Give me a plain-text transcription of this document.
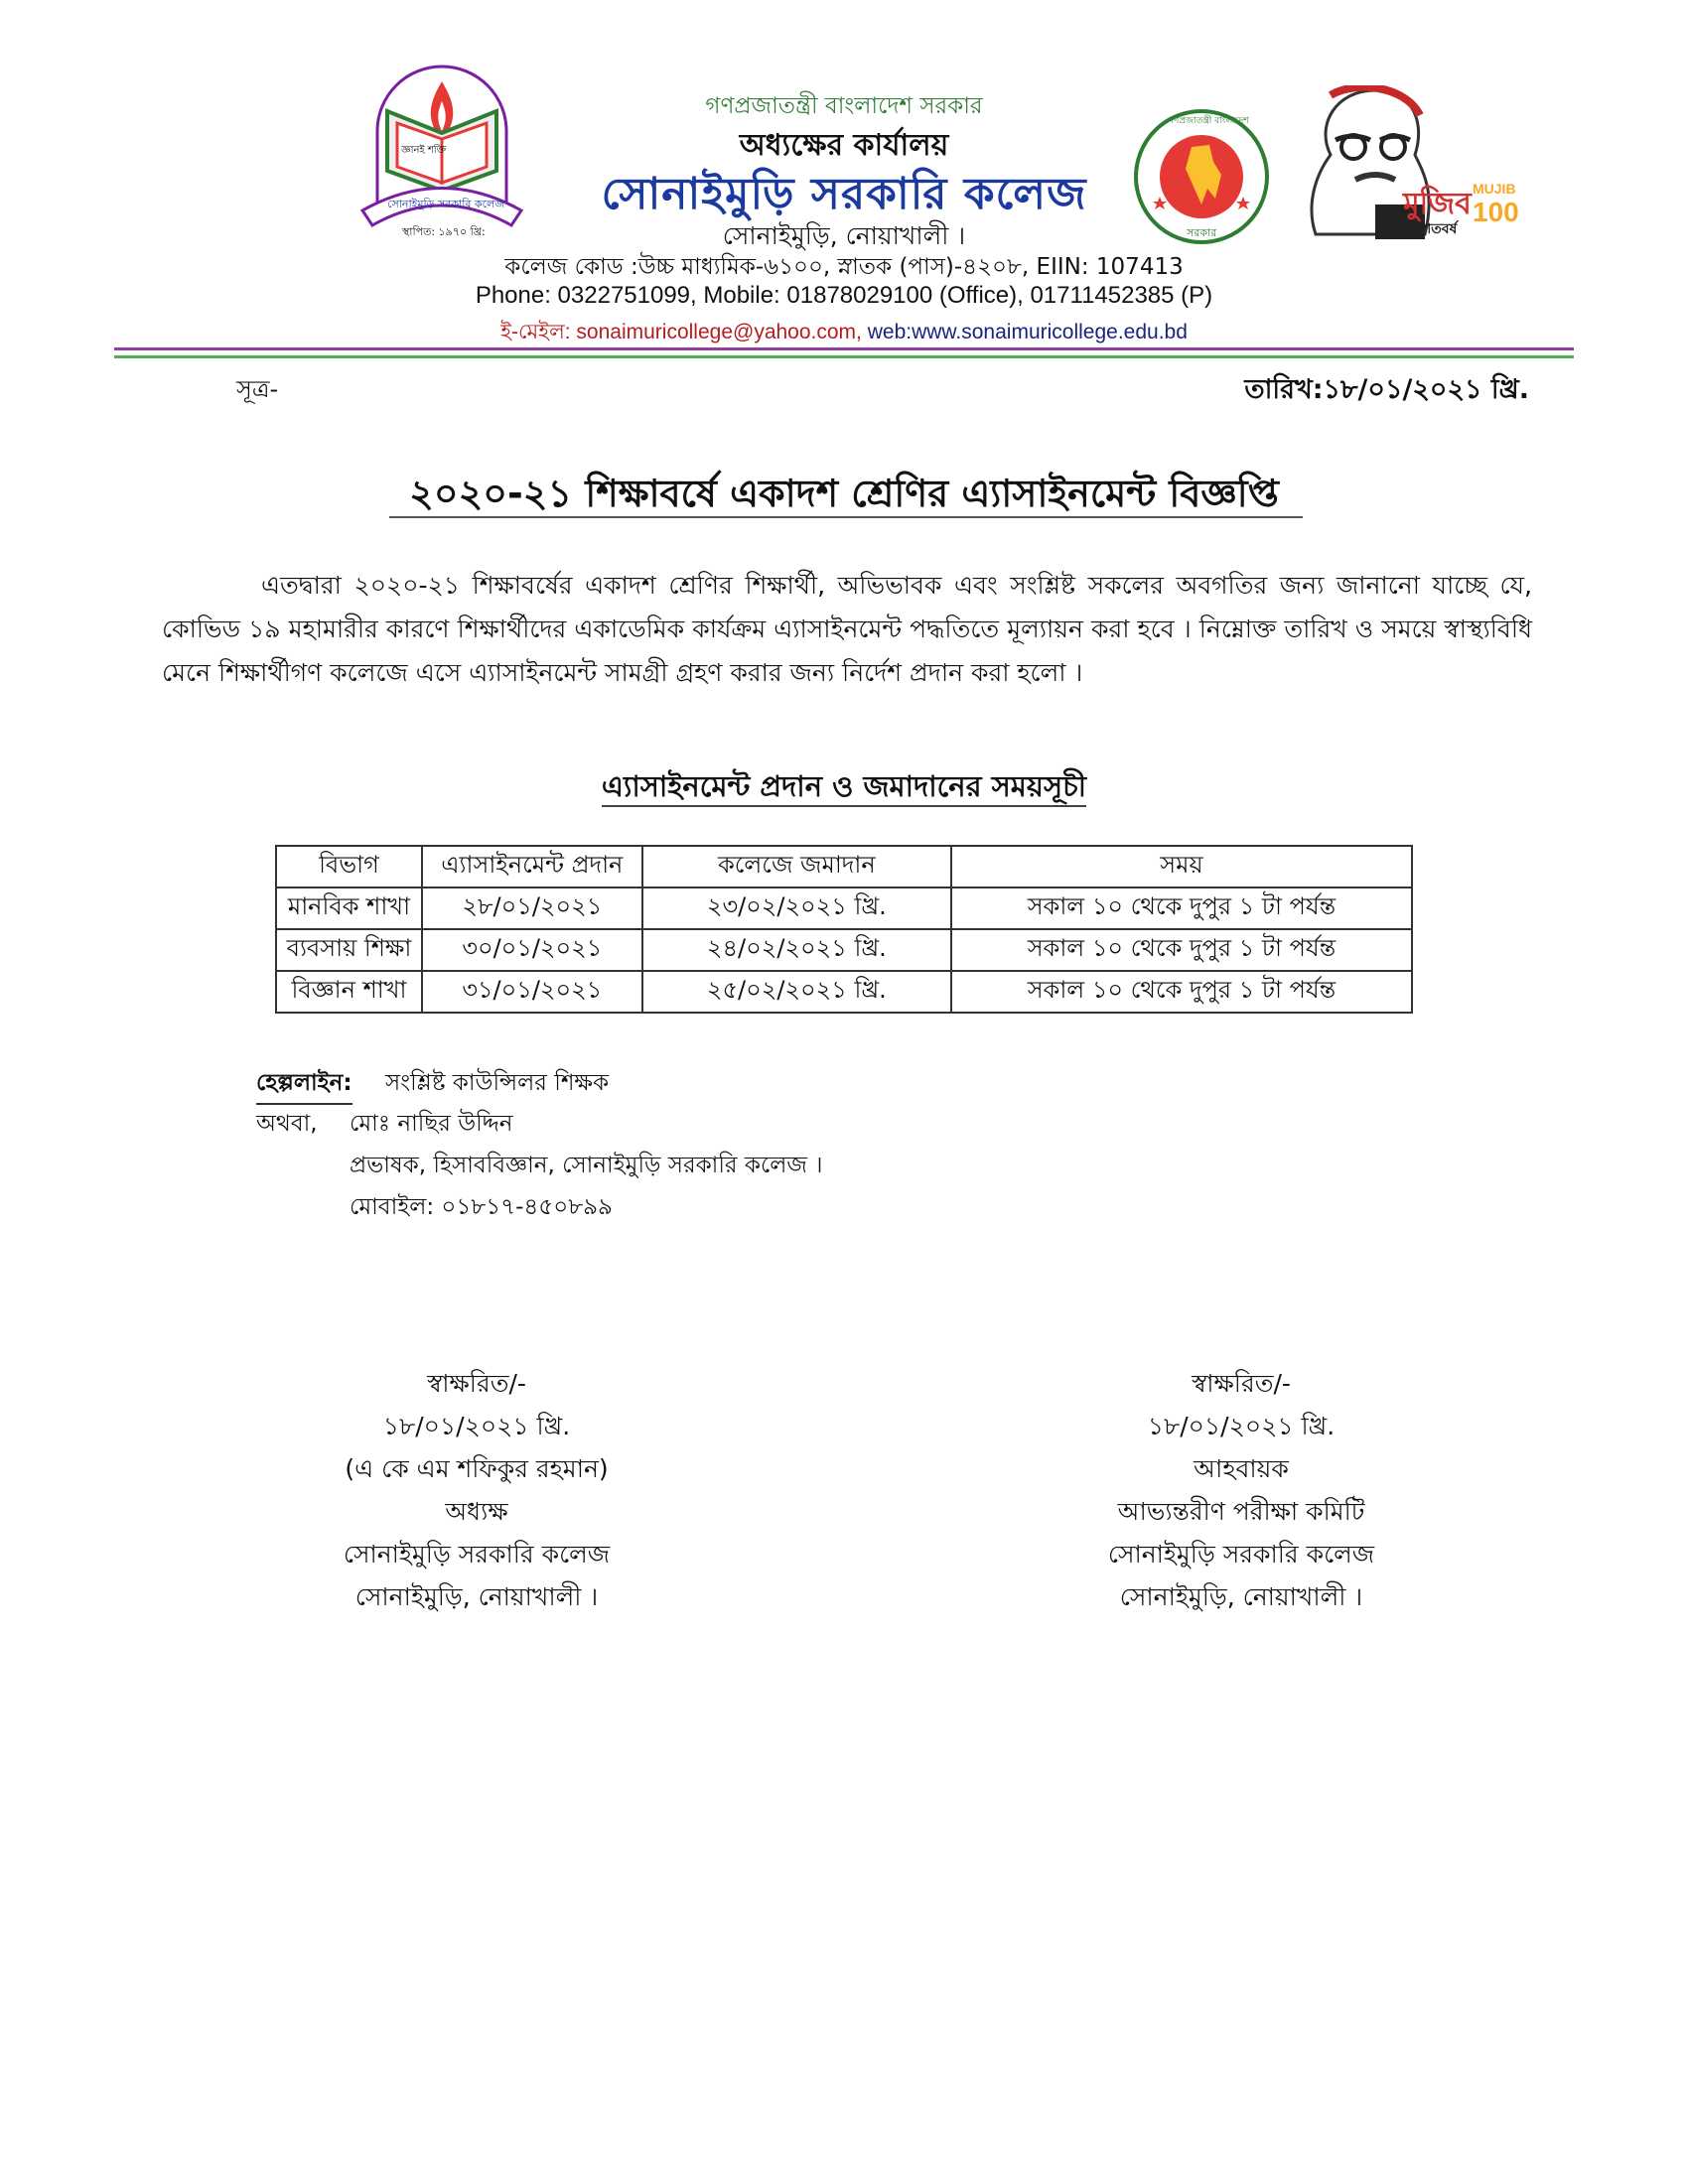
জ্ঞানই শক্তি
সোনাইমুড়ি সরকারি কলেজ
স্থাপিত: ১৯৭০ খ্রি:
গণপ্রজাতন্ত্রী বাংলাদেশ
সরকার
মুজিব
শতবর্ষ
MUJIB
100
গণপ্রজাতন্ত্রী বাংলাদেশ সরকার
অধ্যক্ষের কার্যালয়
সোনাইমুড়ি সরকারি কলেজ
সোনাইমুড়ি, নোয়াখালী ।
কলেজ কোড :উচ্চ মাধ্যমিক-৬১০০, স্নাতক (পাস)-৪২০৮, EIIN: 107413
Phone: 0322751099, Mobile: 01878029100 (Office), 01711452385 (P)
ই-মেইল: sonaimuricollege@yahoo.com, web:www.sonaimuricollege.edu.bd
সূত্র-	তারিখ:১৮/০১/২০২১ খ্রি.
২০২০-২১ শিক্ষাবর্ষে একাদশ শ্রেণির এ্যাসাইনমেন্ট বিজ্ঞপ্তি
এতদ্বারা ২০২০-২১ শিক্ষাবর্ষের একাদশ শ্রেণির শিক্ষার্থী, অভিভাবক এবং সংশ্লিষ্ট সকলের অবগতির জন্য জানানো যাচ্ছে যে, কোভিড ১৯ মহামারীর কারণে শিক্ষার্থীদের একাডেমিক কার্যক্রম এ্যাসাইনমেন্ট পদ্ধতিতে মূল্যায়ন করা হবে । নিম্নোক্ত তারিখ ও সময়ে স্বাস্থ্যবিধি মেনে শিক্ষার্থীগণ কলেজে এসে এ্যাসাইনমেন্ট সামগ্রী গ্রহণ করার জন্য নির্দেশ প্রদান করা হলো ।
এ্যাসাইনমেন্ট প্রদান ও জমাদানের সময়সূচী
বিভাগ	এ্যাসাইনমেন্ট প্রদান	কলেজে জমাদান	সময়
মানবিক শাখা	২৮/০১/২০২১	২৩/০২/২০২১ খ্রি.	সকাল ১০ থেকে দুপুর ১ টা পর্যন্ত
ব্যবসায় শিক্ষা	৩০/০১/২০২১	২৪/০২/২০২১ খ্রি.	সকাল ১০ থেকে দুপুর ১ টা পর্যন্ত
বিজ্ঞান শাখা	৩১/০১/২০২১	২৫/০২/২০২১ খ্রি.	সকাল ১০ থেকে দুপুর ১ টা পর্যন্ত
হেল্পলাইন: সংশ্লিষ্ট কাউন্সিলর শিক্ষক
অথবা, মোঃ নাছির উদ্দিন
প্রভাষক, হিসাববিজ্ঞান, সোনাইমুড়ি সরকারি কলেজ ।
মোবাইল: ০১৮১৭-৪৫০৮৯৯
স্বাক্ষরিত/-
১৮/০১/২০২১ খ্রি.
(এ কে এম শফিকুর রহমান)
অধ্যক্ষ
সোনাইমুড়ি সরকারি কলেজ
সোনাইমুড়ি, নোয়াখালী ।
স্বাক্ষরিত/-
১৮/০১/২০২১ খ্রি.
আহবায়ক
আভ্যন্তরীণ পরীক্ষা কমিটি
সোনাইমুড়ি সরকারি কলেজ
সোনাইমুড়ি, নোয়াখালী ।
